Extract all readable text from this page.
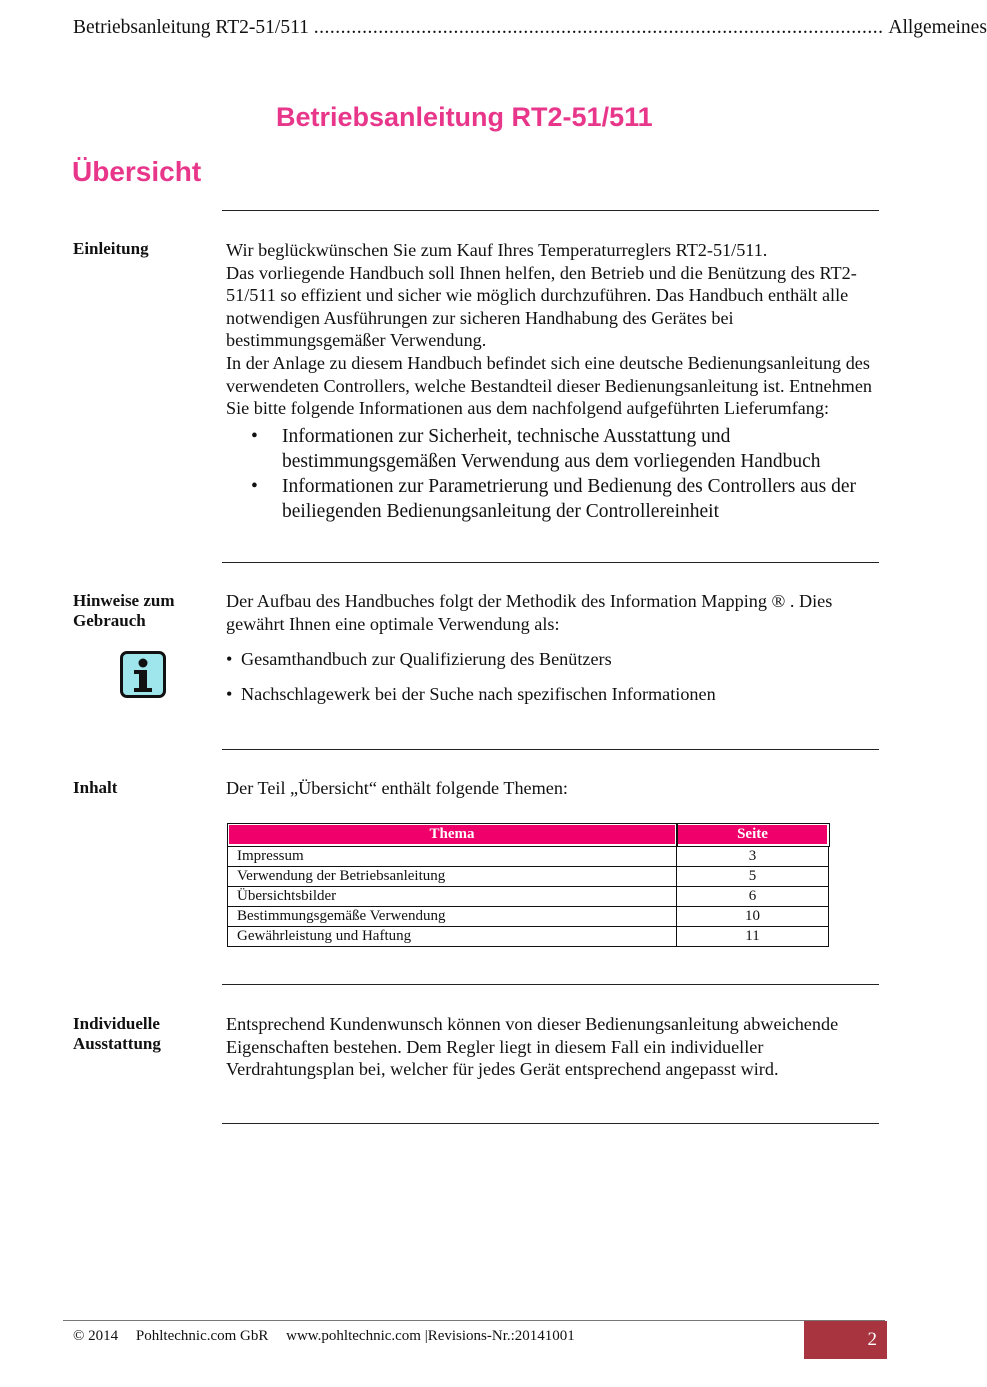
Betriebsanleitung RT2-51/511
..........................................................................................................
Allgemeines
Betriebsanleitung RT2-51/511
Übersicht
Einleitung	Wir beglückwünschen Sie zum Kauf Ihres Temperaturreglers RT2-51/511.

Das vorliegende Handbuch soll Ihnen helfen, den Betrieb und die Benützung des RT2-51/511 so effizient und sicher wie möglich durchzuführen. Das Handbuch enthält alle notwendigen Ausführungen zur sicheren Handhabung des Gerätes bei bestimmungsgemäßer Verwendung.

In der Anlage zu diesem Handbuch befindet sich eine deutsche Bedienungsanleitung des verwendeten Controllers, welche Bestandteil dieser Bedienungsanleitung ist. Entnehmen Sie bitte folgende Informationen aus dem nachfolgend aufgeführten Lieferumfang:

• Informationen zur Sicherheit, technische Ausstattung und bestimmungsgemäßen Verwendung aus dem vorliegenden Handbuch
• Informationen zur Parametrierung und Bedienung des Controllers aus der beiliegenden Bedienungsanleitung der Controllereinheit
Hinweise zum
Gebrauch

Der Aufbau des Handbuches folgt der Methodik des Information Mapping ® . Dies gewährt Ihnen eine optimale Verwendung als:

• Gesamthandbuch zur Qualifizierung des Benützers
• Nachschlagewerk bei der Suche nach spezifischen Informationen
Inhalt	Der Teil „Übersicht“ enthält folgende Themen:
Thema	Seite
Impressum	3
Verwendung der Betriebsanleitung	5
Übersichtsbilder	6
Bestimmungsgemäße Verwendung	10
Gewährleistung und Haftung	11
Individuelle
Ausstattung

Entsprechend Kundenwunsch können von dieser Bedienungsanleitung abweichende Eigenschaften bestehen. Dem Regler liegt in diesem Fall ein individueller Verdrahtungsplan bei, welcher für jedes Gerät entsprechend angepasst wird.

© 2014 Pohltechnic.com GbR www.pohltechnic.com |Revisions-Nr.:20141001	2
